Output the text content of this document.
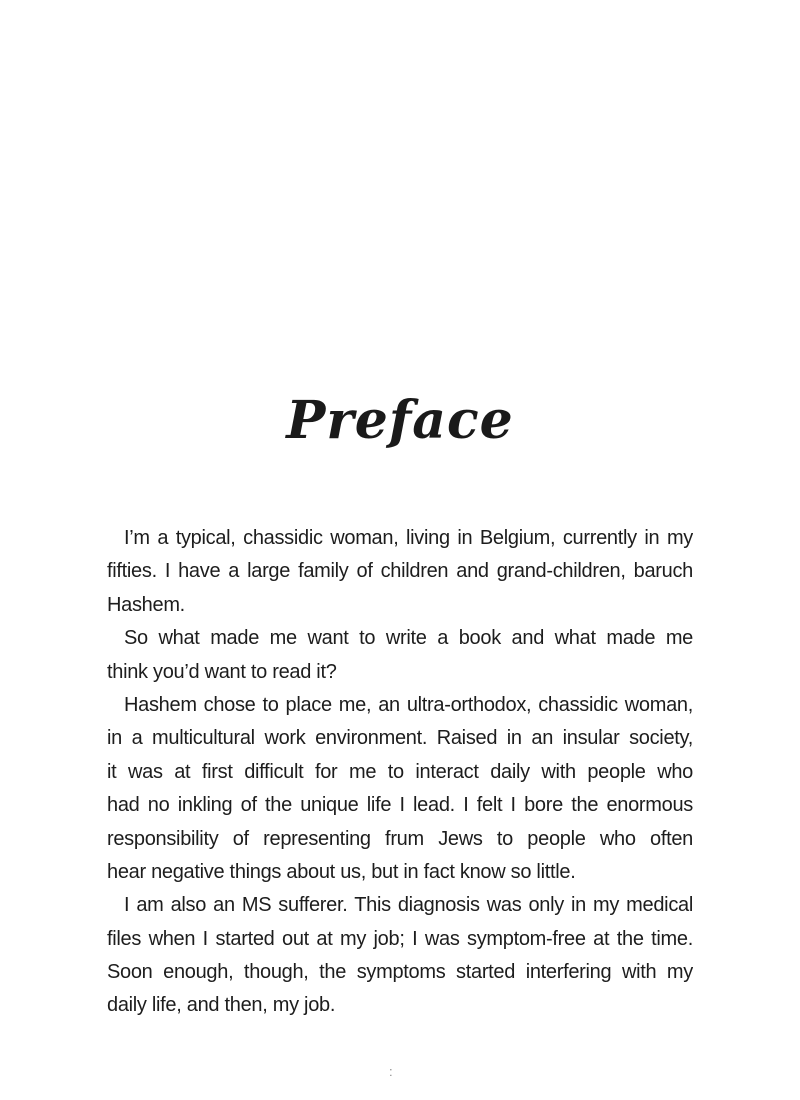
Preface
I’m a typical, chassidic woman, living in Belgium, currently in my
fifties. I have a large family of children and grand-children, baruch
Hashem.
So what made me want to write a book and what made me
think you’d want to read it?
Hashem chose to place me, an ultra-orthodox, chassidic woman,
in a multicultural work environment. Raised in an insular society,
it was at first difficult for me to interact daily with people who
had no inkling of the unique life I lead. I felt I bore the enormous
responsibility of representing frum Jews to people who often
hear negative things about us, but in fact know so little.
I am also an MS sufferer. This diagnosis was only in my medical
files when I started out at my job; I was symptom-free at the time.
Soon enough, though, the symptoms started interfering with my
daily life, and then, my job.
:
